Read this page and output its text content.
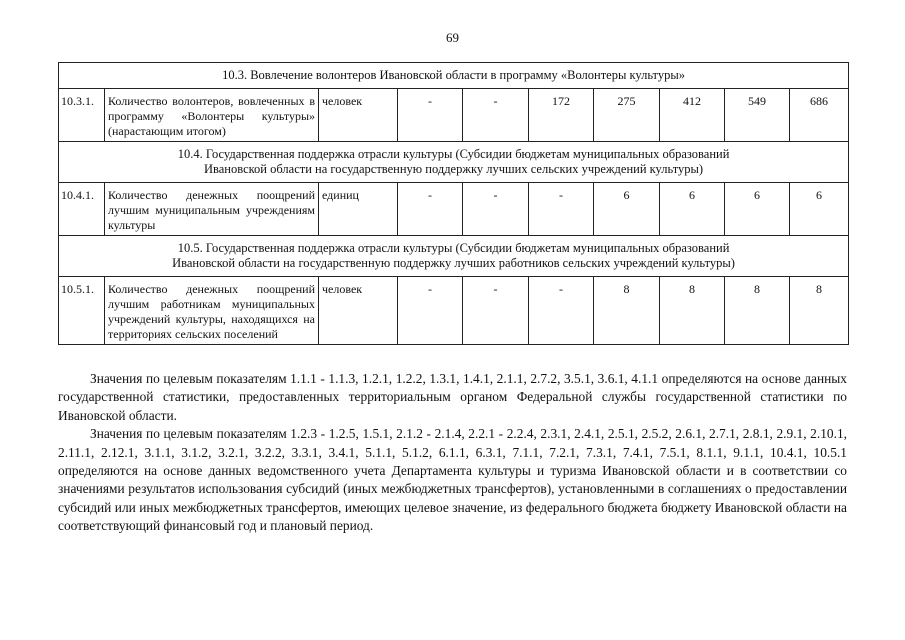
69
10.3. Вовлечение волонтеров Ивановской области в программу «Волонтеры культуры»									

10.3.1.	Количество волонтеров, вовлеченных в программу «Волонтеры культуры» (нарастающим итогом)	человек	-	-	172	275	412	549	686

10.4. Государственная поддержка отрасли культуры (Субсидии бюджетам муниципальных образований
Ивановской области на государственную поддержку лучших сельских учреждений культуры)									

10.4.1.	Количество денежных поощрений лучшим муниципальным учреждениям культуры	единиц	-	-	-	6	6	6	6

10.5. Государственная поддержка отрасли культуры (Субсидии бюджетам муниципальных образований
Ивановской области на государственную поддержку лучших работников сельских учреждений культуры)									

10.5.1.	Количество денежных поощрений лучшим работникам муниципальных учреждений культуры, находящихся на территориях сельских поселений	человек	-	-	-	8	8	8	8

Значения по целевым показателям 1.1.1 - 1.1.3, 1.2.1, 1.2.2, 1.3.1, 1.4.1, 2.1.1, 2.7.2, 3.5.1, 3.6.1, 4.1.1 определяются на основе данных государственной статистики, предоставленных территориальным органом Федеральной службы государственной статистики по Ивановской области.

Значения по целевым показателям 1.2.3 - 1.2.5, 1.5.1, 2.1.2 - 2.1.4, 2.2.1 - 2.2.4, 2.3.1, 2.4.1, 2.5.1, 2.5.2, 2.6.1, 2.7.1, 2.8.1, 2.9.1, 2.10.1, 2.11.1, 2.12.1, 3.1.1, 3.1.2, 3.2.1, 3.2.2, 3.3.1, 3.4.1, 5.1.1, 5.1.2, 6.1.1, 6.3.1, 7.1.1, 7.2.1, 7.3.1, 7.4.1, 7.5.1, 8.1.1, 9.1.1, 10.4.1, 10.5.1 определяются на основе данных ведомственного учета Департамента культуры и туризма Ивановской области и в соответствии со значениями результатов использования субсидий (иных межбюджетных трансфертов), установленными в соглашениях о предоставлении субсидий или иных межбюджетных трансфертов, имеющих целевое значение, из федерального бюджета бюджету Ивановской области на соответствующий финансовый год и плановый период.
